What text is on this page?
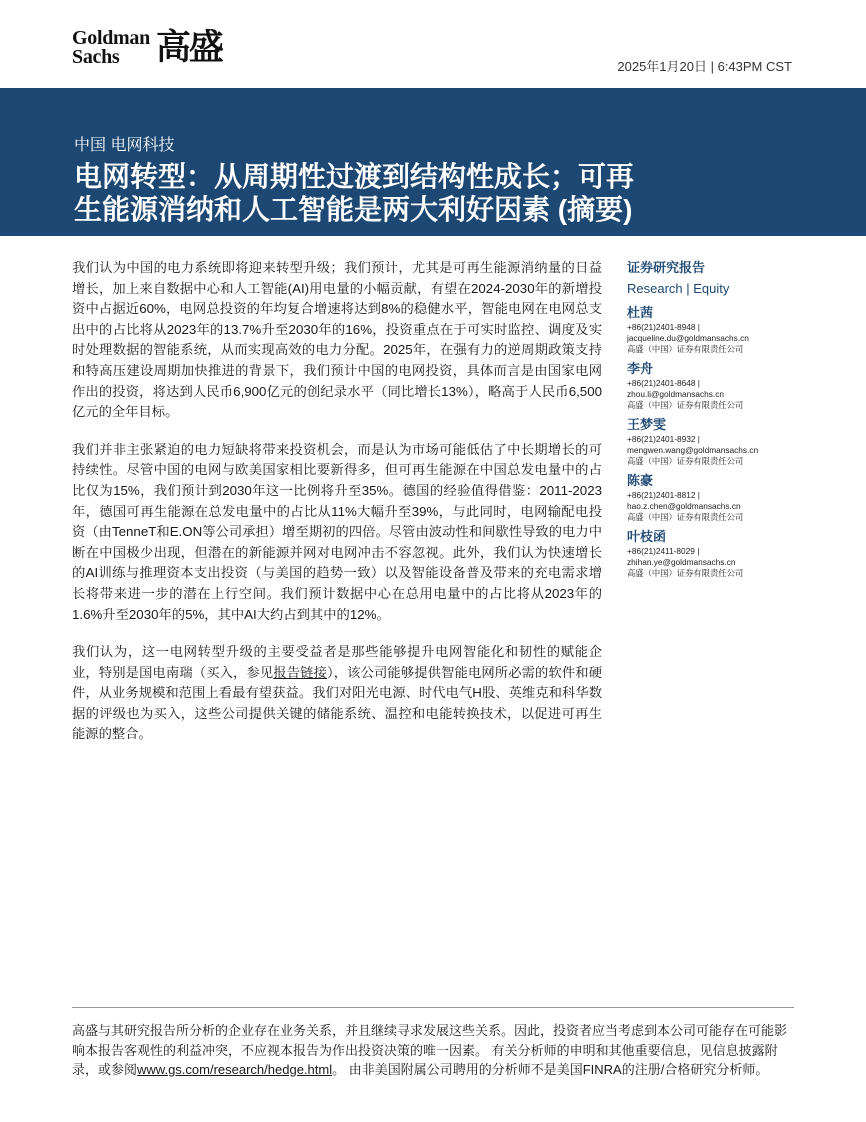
Goldman
Sachs	高盛	2025年1月20日 | 6:43PM CST
中国 电网科技
电网转型：从周期性过渡到结构性成长；可再
生能源消纳和人工智能是两大利好因素 (摘要)

我们认为中国的电力系统即将迎来转型升级；我们预计，尤其是可再生能源消纳量的日益增长，加上来自数据中心和人工智能(AI)用电量的小幅贡献，有望在2024-2030年的新增投资中占据近60%，电网总投资的年均复合增速将达到8%的稳健水平，智能电网在电网总支出中的占比将从2023年的13.7%升至2030年的16%，投资重点在于可实时监控、调度及实时处理数据的智能系统，从而实现高效的电力分配。2025年，在强有力的逆周期政策支持和特高压建设周期加快推进的背景下，我们预计中国的电网投资，具体而言是由国家电网作出的投资，将达到人民币6,900亿元的创纪录水平（同比增长13%），略高于人民币6,500亿元的全年目标。

我们并非主张紧迫的电力短缺将带来投资机会，而是认为市场可能低估了中长期增长的可持续性。尽管中国的电网与欧美国家相比要新得多，但可再生能源在中国总发电量中的占比仅为15%，我们预计到2030年这一比例将升至35%。德国的经验值得借鉴：2011-2023年，德国可再生能源在总发电量中的占比从11%大幅升至39%，与此同时，电网输配电投资（由TenneT和E.ON等公司承担）增至期初的四倍。尽管由波动性和间歇性导致的电力中断在中国极少出现，但潜在的新能源并网对电网冲击不容忽视。此外，我们认为快速增长的AI训练与推理资本支出投资（与美国的趋势一致）以及智能设备普及带来的充电需求增长将带来进一步的潜在上行空间。我们预计数据中心在总用电量中的占比将从2023年的1.6%升至2030年的5%，其中AI大约占到其中的12%。

我们认为，这一电网转型升级的主要受益者是那些能够提升电网智能化和韧性的赋能企业，特别是国电南瑞（买入，参见报告链接），该公司能够提供智能电网所必需的软件和硬件，从业务规模和范围上看最有望获益。我们对阳光电源、时代电气H股、英维克和科华数据的评级也为买入，这些公司提供关键的储能系统、温控和电能转换技术，以促进可再生能源的整合。

证券研究报告
Research | Equity
杜茜
+86(21)2401-8948 |
jacqueline.du@goldmansachs.cn
高盛（中国）证券有限责任公司
李舟
+86(21)2401-8648 |
zhou.li@goldmansachs.cn
高盛（中国）证券有限责任公司
王梦雯
+86(21)2401-8932 |
mengwen.wang@goldmansachs.cn
高盛（中国）证券有限责任公司
陈豪
+86(21)2401-8812 |
hao.z.chen@goldmansachs.cn
高盛（中国）证券有限责任公司
叶枝函
+86(21)2411-8029 |
zhihan.ye@goldmansachs.cn
高盛（中国）证券有限责任公司
高盛与其研究报告所分析的企业存在业务关系，并且继续寻求发展这些关系。因此，投资者应当考虑到本公司可能存在可能影响本报告客观性的利益冲突，不应视本报告为作出投资决策的唯一因素。 有关分析师的申明和其他重要信息，见信息披露附录，或参阅www.gs.com/research/hedge.html。 由非美国附属公司聘用的分析师不是美国FINRA的注册/合格研究分析师。
